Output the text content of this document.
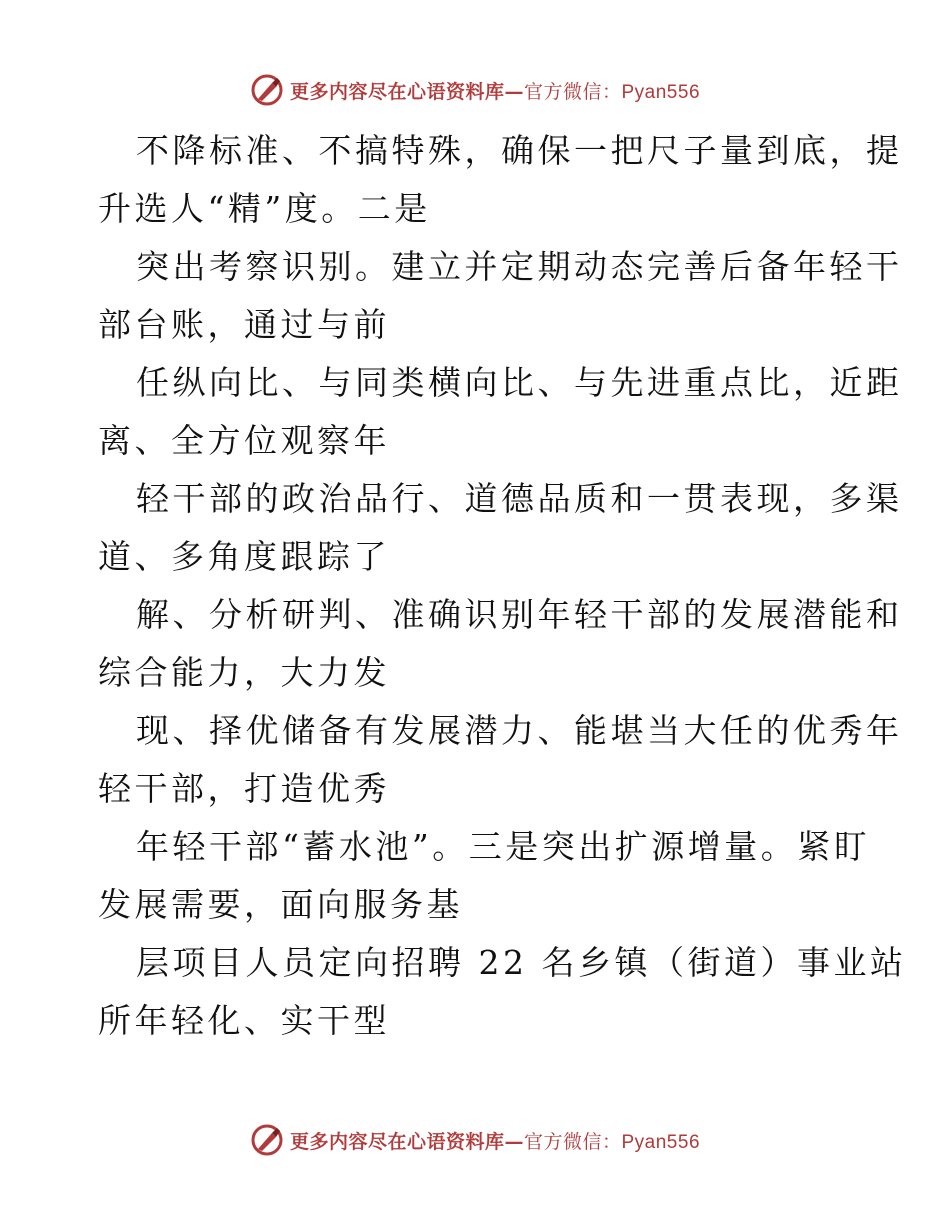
更多内容尽在心语资料库—官方微信：Pyan556

不降标准、不搞特殊，确保一把尺子量到底，提
升选人“精”度。二是

突出考察识别。建立并定期动态完善后备年轻干
部台账，通过与前

任纵向比、与同类横向比、与先进重点比，近距
离、全方位观察年

轻干部的政治品行、道德品质和一贯表现，多渠
道、多角度跟踪了

解、分析研判、准确识别年轻干部的发展潜能和
综合能力，大力发

现、择优储备有发展潜力、能堪当大任的优秀年
轻干部，打造优秀

年轻干部“蓄水池”。三是突出扩源增量。紧盯
发展需要，面向服务基

层项目人员定向招聘 22 名乡镇（街道）事业站
所年轻化、实干型

更多内容尽在心语资料库—官方微信：Pyan556
